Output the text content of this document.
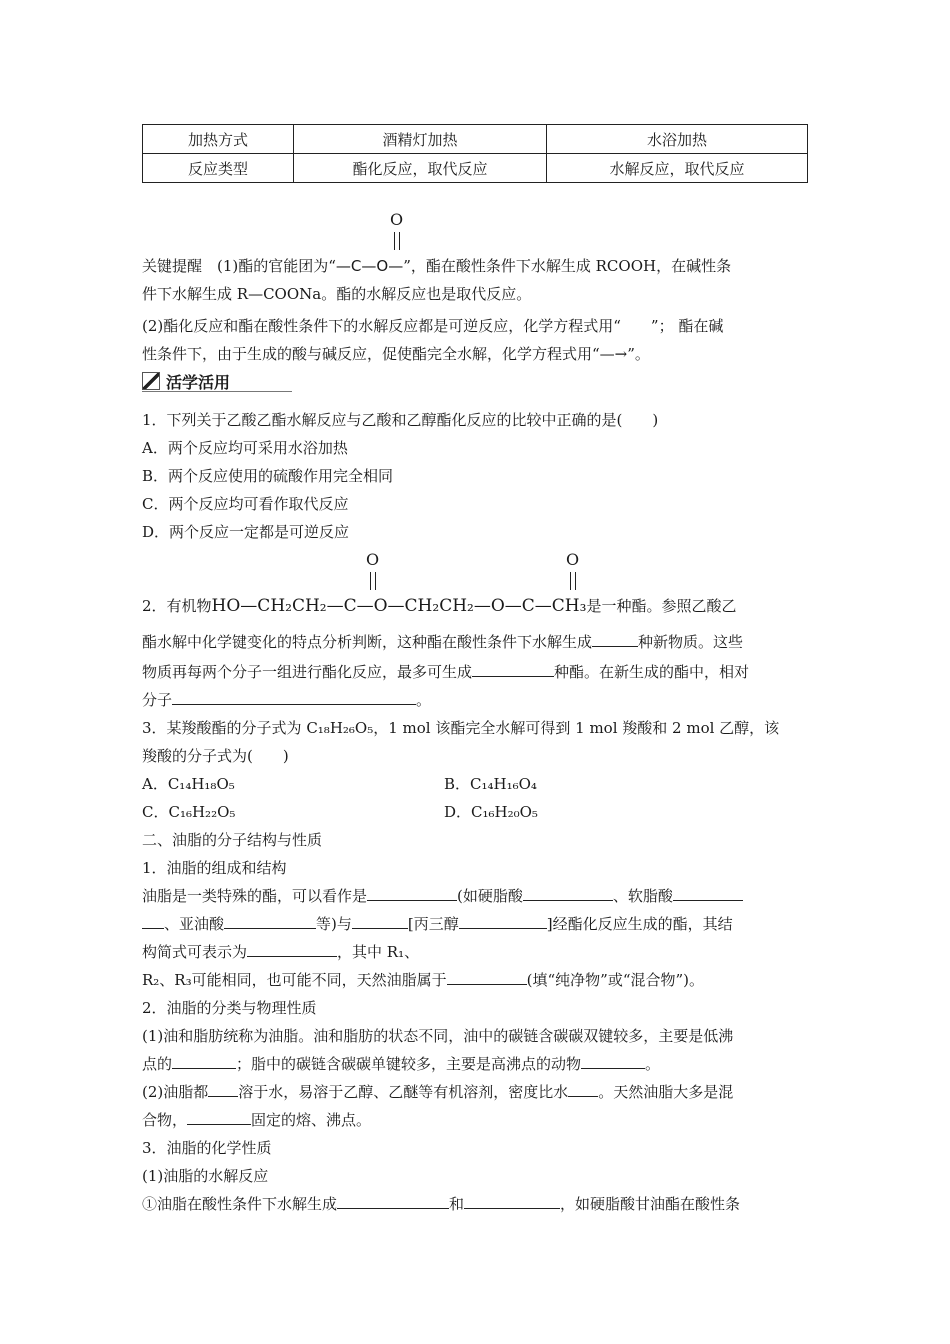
加热方式	酒精灯加热	水浴加热
反应类型	酯化反应，取代反应	水解反应，取代反应
O
关键提醒　(1)酯的官能团为“—C—O—”，酯在酸性条件下水解生成 RCOOH，在碱性条
件下水解生成 R—COONa。酯的水解反应也是取代反应。
(2)酯化反应和酯在酸性条件下的水解反应都是可逆反应，化学方程式用“　　”； 酯在碱
性条件下，由于生成的酸与碱反应，促使酯完全水解，化学方程式用“—→”。
活学活用
1．下列关于乙酸乙酯水解反应与乙酸和乙醇酯化反应的比较中正确的是(　　)
A．两个反应均可采用水浴加热
B．两个反应使用的硫酸作用完全相同
C．两个反应均可看作取代反应
D．两个反应一定都是可逆反应
O	O
2．有机物HO—CH₂CH₂—C—O—CH₂CH₂—O—C—CH₃是一种酯。参照乙酸乙
酯水解中化学键变化的特点分析判断，这种酯在酸性条件下水解生成	种新物质。这些
物质再每两个分子一组进行酯化反应，最多可生成	种酯。在新生成的酯中，相对
分子	。
3．某羧酸酯的分子式为 C₁₈H₂₆O₅，1 mol 该酯完全水解可得到 1 mol 羧酸和 2 mol 乙醇，该
羧酸的分子式为(　　)
A．C₁₄H₁₈O₅	B．C₁₄H₁₆O₄
C．C₁₆H₂₂O₅	D．C₁₆H₂₀O₅
二、油脂的分子结构与性质
1．油脂的组成和结构
油脂是一类特殊的酯，可以看作是	(如硬脂酸	、软脂酸
、亚油酸	等)与	[丙三醇	]经酯化反应生成的酯，其结
构简式可表示为	，其中 R₁、
R₂、R₃可能相同，也可能不同，天然油脂属于	(填“纯净物”或“混合物”)。
2．油脂的分类与物理性质
(1)油和脂肪统称为油脂。油和脂肪的状态不同，油中的碳链含碳碳双键较多，主要是低沸
点的	；脂中的碳链含碳碳单键较多，主要是高沸点的动物	。
(2)油脂都 溶于水，易溶于乙醇、乙醚等有机溶剂，密度比水 。天然油脂大多是混
合物，	固定的熔、沸点。
3．油脂的化学性质
(1)油脂的水解反应
①油脂在酸性条件下水解生成	和	，如硬脂酸甘油酯在酸性条
